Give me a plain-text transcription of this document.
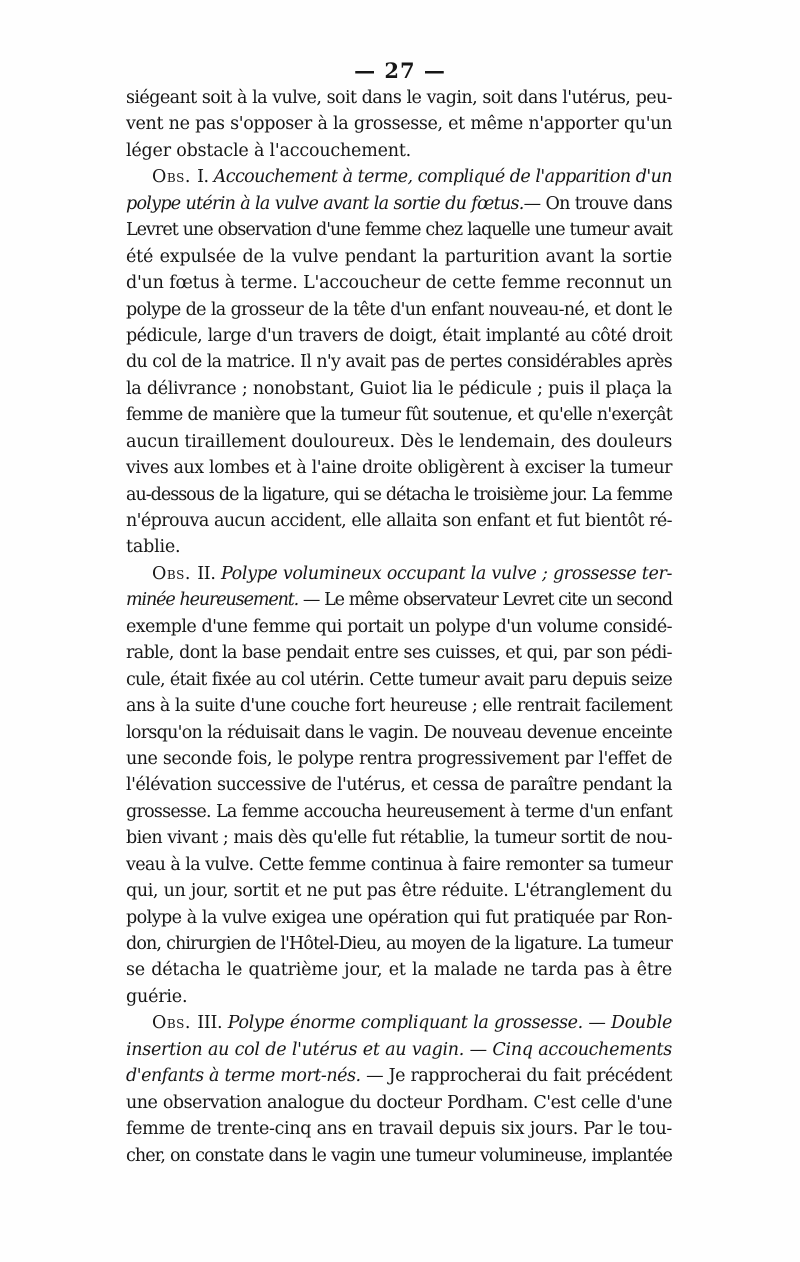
— 27 —
siégeant soit à la vulve, soit dans le vagin, soit dans l'utérus, peu-
vent ne pas s'opposer à la grossesse, et même n'apporter qu'un
léger obstacle à l'accouchement.
Obs. I. Accouchement à terme, compliqué de l'apparition d'un
polype utérin à la vulve avant la sortie du fœtus.— On trouve dans
Levret une observation d'une femme chez laquelle une tumeur avait
été expulsée de la vulve pendant la parturition avant la sortie
d'un fœtus à terme. L'accoucheur de cette femme reconnut un
polype de la grosseur de la tête d'un enfant nouveau-né, et dont le
pédicule, large d'un travers de doigt, était implanté au côté droit
du col de la matrice. Il n'y avait pas de pertes considérables après
la délivrance ; nonobstant, Guiot lia le pédicule ; puis il plaça la
femme de manière que la tumeur fût soutenue, et qu'elle n'exerçât
aucun tiraillement douloureux. Dès le lendemain, des douleurs
vives aux lombes et à l'aine droite obligèrent à exciser la tumeur
au-dessous de la ligature, qui se détacha le troisième jour. La femme
n'éprouva aucun accident, elle allaita son enfant et fut bientôt ré-
tablie.
Obs. II. Polype volumineux occupant la vulve ; grossesse ter-
minée heureusement. — Le même observateur Levret cite un second
exemple d'une femme qui portait un polype d'un volume considé-
rable, dont la base pendait entre ses cuisses, et qui, par son pédi-
cule, était fixée au col utérin. Cette tumeur avait paru depuis seize
ans à la suite d'une couche fort heureuse ; elle rentrait facilement
lorsqu'on la réduisait dans le vagin. De nouveau devenue enceinte
une seconde fois, le polype rentra progressivement par l'effet de
l'élévation successive de l'utérus, et cessa de paraître pendant la
grossesse. La femme accoucha heureusement à terme d'un enfant
bien vivant ; mais dès qu'elle fut rétablie, la tumeur sortit de nou-
veau à la vulve. Cette femme continua à faire remonter sa tumeur
qui, un jour, sortit et ne put pas être réduite. L'étranglement du
polype à la vulve exigea une opération qui fut pratiquée par Ron-
don, chirurgien de l'Hôtel-Dieu, au moyen de la ligature. La tumeur
se détacha le quatrième jour, et la malade ne tarda pas à être
guérie.
Obs. III. Polype énorme compliquant la grossesse. — Double
insertion au col de l'utérus et au vagin. — Cinq accouchements
d'enfants à terme mort-nés. — Je rapprocherai du fait précédent
une observation analogue du docteur Pordham. C'est celle d'une
femme de trente-cinq ans en travail depuis six jours. Par le tou-
cher, on constate dans le vagin une tumeur volumineuse, implantée
